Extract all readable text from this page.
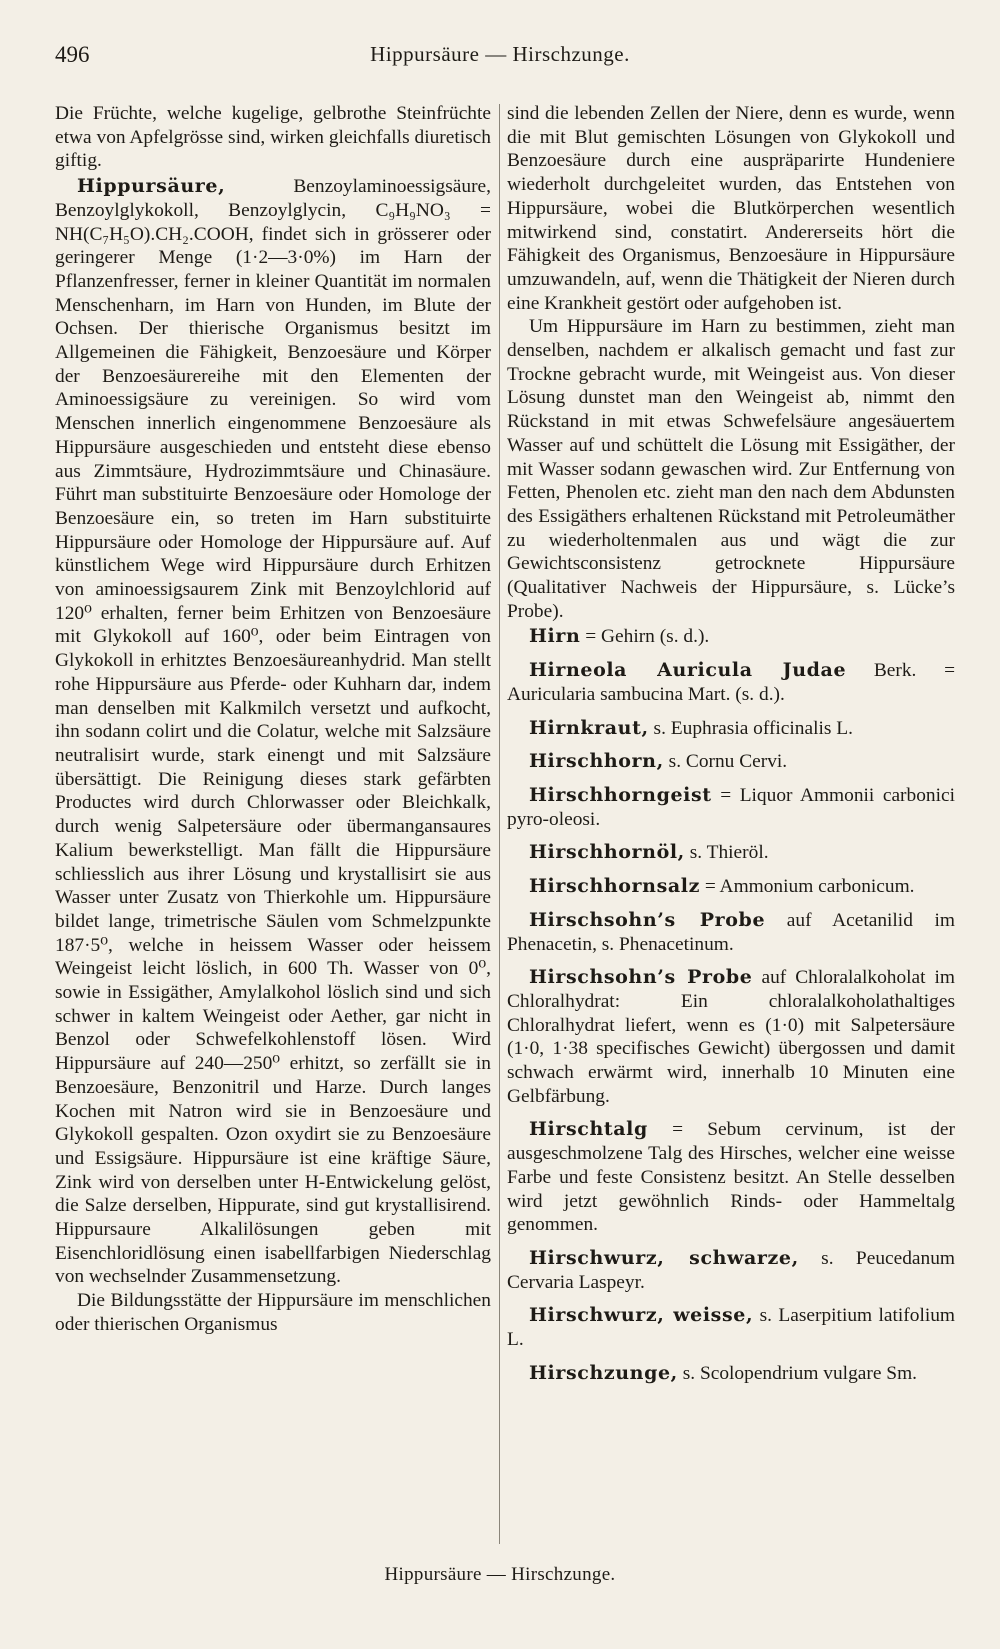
496	Hippursäure — Hirschzunge.

Die Früchte, welche kugelige, gelbrothe Steinfrüchte etwa von Apfelgrösse sind, wirken gleichfalls diuretisch giftig.

Hippursäure,	Benzoylaminoessigsäure, Benzoylglykokoll, Benzoylglycin, C₉H₉NO₃ = NH(C₇H₅O).CH₂.COOH, findet sich in grösserer oder geringerer Menge (1·2—3·0%) im Harn der Pflanzenfresser, ferner in kleiner Quantität im normalen Menschenharn, im Harn von Hunden, im Blute der Ochsen. Der thierische Organismus besitzt im Allgemeinen die Fähigkeit, Benzoesäure und Körper der Benzoesäurereihe mit den Elementen der Aminoessigsäure zu vereinigen. So wird vom Menschen innerlich eingenommene Benzoesäure als Hippursäure ausgeschieden und entsteht diese ebenso aus Zimmtsäure, Hydrozimmtsäure und Chinasäure. Führt man substituirte Benzoesäure oder Homologe der Benzoesäure ein, so treten im Harn substituirte Hippursäure oder Homologe der Hippursäure auf. Auf künstlichem Wege wird Hippursäure durch Erhitzen von aminoessigsaurem Zink mit Benzoylchlorid auf 120⁰ erhalten, ferner beim Erhitzen von Benzoesäure mit Glykokoll auf 160⁰, oder beim Eintragen von Glykokoll in erhitztes Benzoesäureanhydrid. Man stellt rohe Hippursäure aus Pferde- oder Kuhharn dar, indem man denselben mit Kalkmilch versetzt und aufkocht, ihn sodann colirt und die Colatur, welche mit Salzsäure neutralisirt wurde, stark einengt und mit Salzsäure übersättigt. Die Reinigung dieses stark gefärbten Productes wird durch Chlorwasser oder Bleichkalk, durch wenig Salpetersäure oder übermangansaures Kalium bewerkstelligt. Man fällt die Hippursäure schliesslich aus ihrer Lösung und krystallisirt sie aus Wasser unter Zusatz von Thierkohle um. Hippursäure bildet lange, trimetrische Säulen vom Schmelzpunkte 187·5⁰, welche in heissem Wasser oder heissem Weingeist leicht löslich, in 600 Th. Wasser von 0⁰, sowie in Essigäther, Amylalkohol löslich sind und sich schwer in kaltem Weingeist oder Aether, gar nicht in Benzol oder Schwefelkohlenstoff lösen. Wird Hippursäure auf 240—250⁰ erhitzt, so zerfällt sie in Benzoesäure, Benzonitril und Harze. Durch langes Kochen mit Natron wird sie in Benzoesäure und Glykokoll gespalten. Ozon oxydirt sie zu Benzoesäure und Essigsäure. Hippursäure ist eine kräftige Säure, Zink wird von derselben unter H-Entwickelung gelöst, die Salze derselben, Hippurate, sind gut krystallisirend. Hippursaure Alkalilösungen geben mit Eisenchloridlösung einen isabellfarbigen Niederschlag von wechselnder Zusammensetzung.

Die Bildungsstätte der Hippursäure im menschlichen oder thierischen Organismus

sind die lebenden Zellen der Niere, denn es wurde, wenn die mit Blut gemischten Lösungen von Glykokoll und Benzoesäure durch eine auspräparirte Hundeniere wiederholt durchgeleitet wurden, das Entstehen von Hippursäure, wobei die Blutkörperchen wesentlich mitwirkend sind, constatirt. Andererseits hört die Fähigkeit des Organismus, Benzoesäure in Hippursäure umzuwandeln, auf, wenn die Thätigkeit der Nieren durch eine Krankheit gestört oder aufgehoben ist.

Um Hippursäure im Harn zu bestimmen, zieht man denselben, nachdem er alkalisch gemacht und fast zur Trockne gebracht wurde, mit Weingeist aus. Von dieser Lösung dunstet man den Weingeist ab, nimmt den Rückstand in mit etwas Schwefelsäure angesäuertem Wasser auf und schüttelt die Lösung mit Essigäther, der mit Wasser sodann gewaschen wird. Zur Entfernung von Fetten, Phenolen etc. zieht man den nach dem Abdunsten des Essigäthers erhaltenen Rückstand mit Petroleumäther zu wiederholtenmalen aus und wägt die zur Gewichtsconsistenz getrocknete Hippursäure (Qualitativer Nachweis der Hippursäure, s. Lücke’s Probe).

Hirn = Gehirn (s. d.).

Hirneola Auricula Judae Berk. = Auricularia sambucina Mart. (s. d.).

Hirnkraut, s. Euphrasia officinalis L.

Hirschhorn, s. Cornu Cervi.

Hirschhorngeist = Liquor Ammonii carbonici pyro-oleosi.

Hirschhornöl, s. Thieröl.

Hirschhornsalz = Ammonium carbonicum.

Hirschsohn’s Probe auf Acetanilid im Phenacetin, s. Phenacetinum.

Hirschsohn’s Probe auf Chloralalkoholat im Chloralhydrat: Ein chloralalkoholathaltiges Chloralhydrat liefert, wenn es (1·0) mit Salpetersäure (1·0, 1·38 specifisches Gewicht) übergossen und damit schwach erwärmt wird, innerhalb 10 Minuten eine Gelbfärbung.

Hirschtalg = Sebum cervinum, ist der ausgeschmolzene Talg des Hirsches, welcher eine weisse Farbe und feste Consistenz besitzt. An Stelle desselben wird jetzt gewöhnlich Rinds- oder Hammeltalg genommen.

Hirschwurz, schwarze, s. Peucedanum Cervaria Laspeyr.

Hirschwurz, weisse, s. Laserpitium latifolium L.

Hirschzunge, s. Scolopendrium vulgare Sm.

Hippursäure — Hirschzunge.
